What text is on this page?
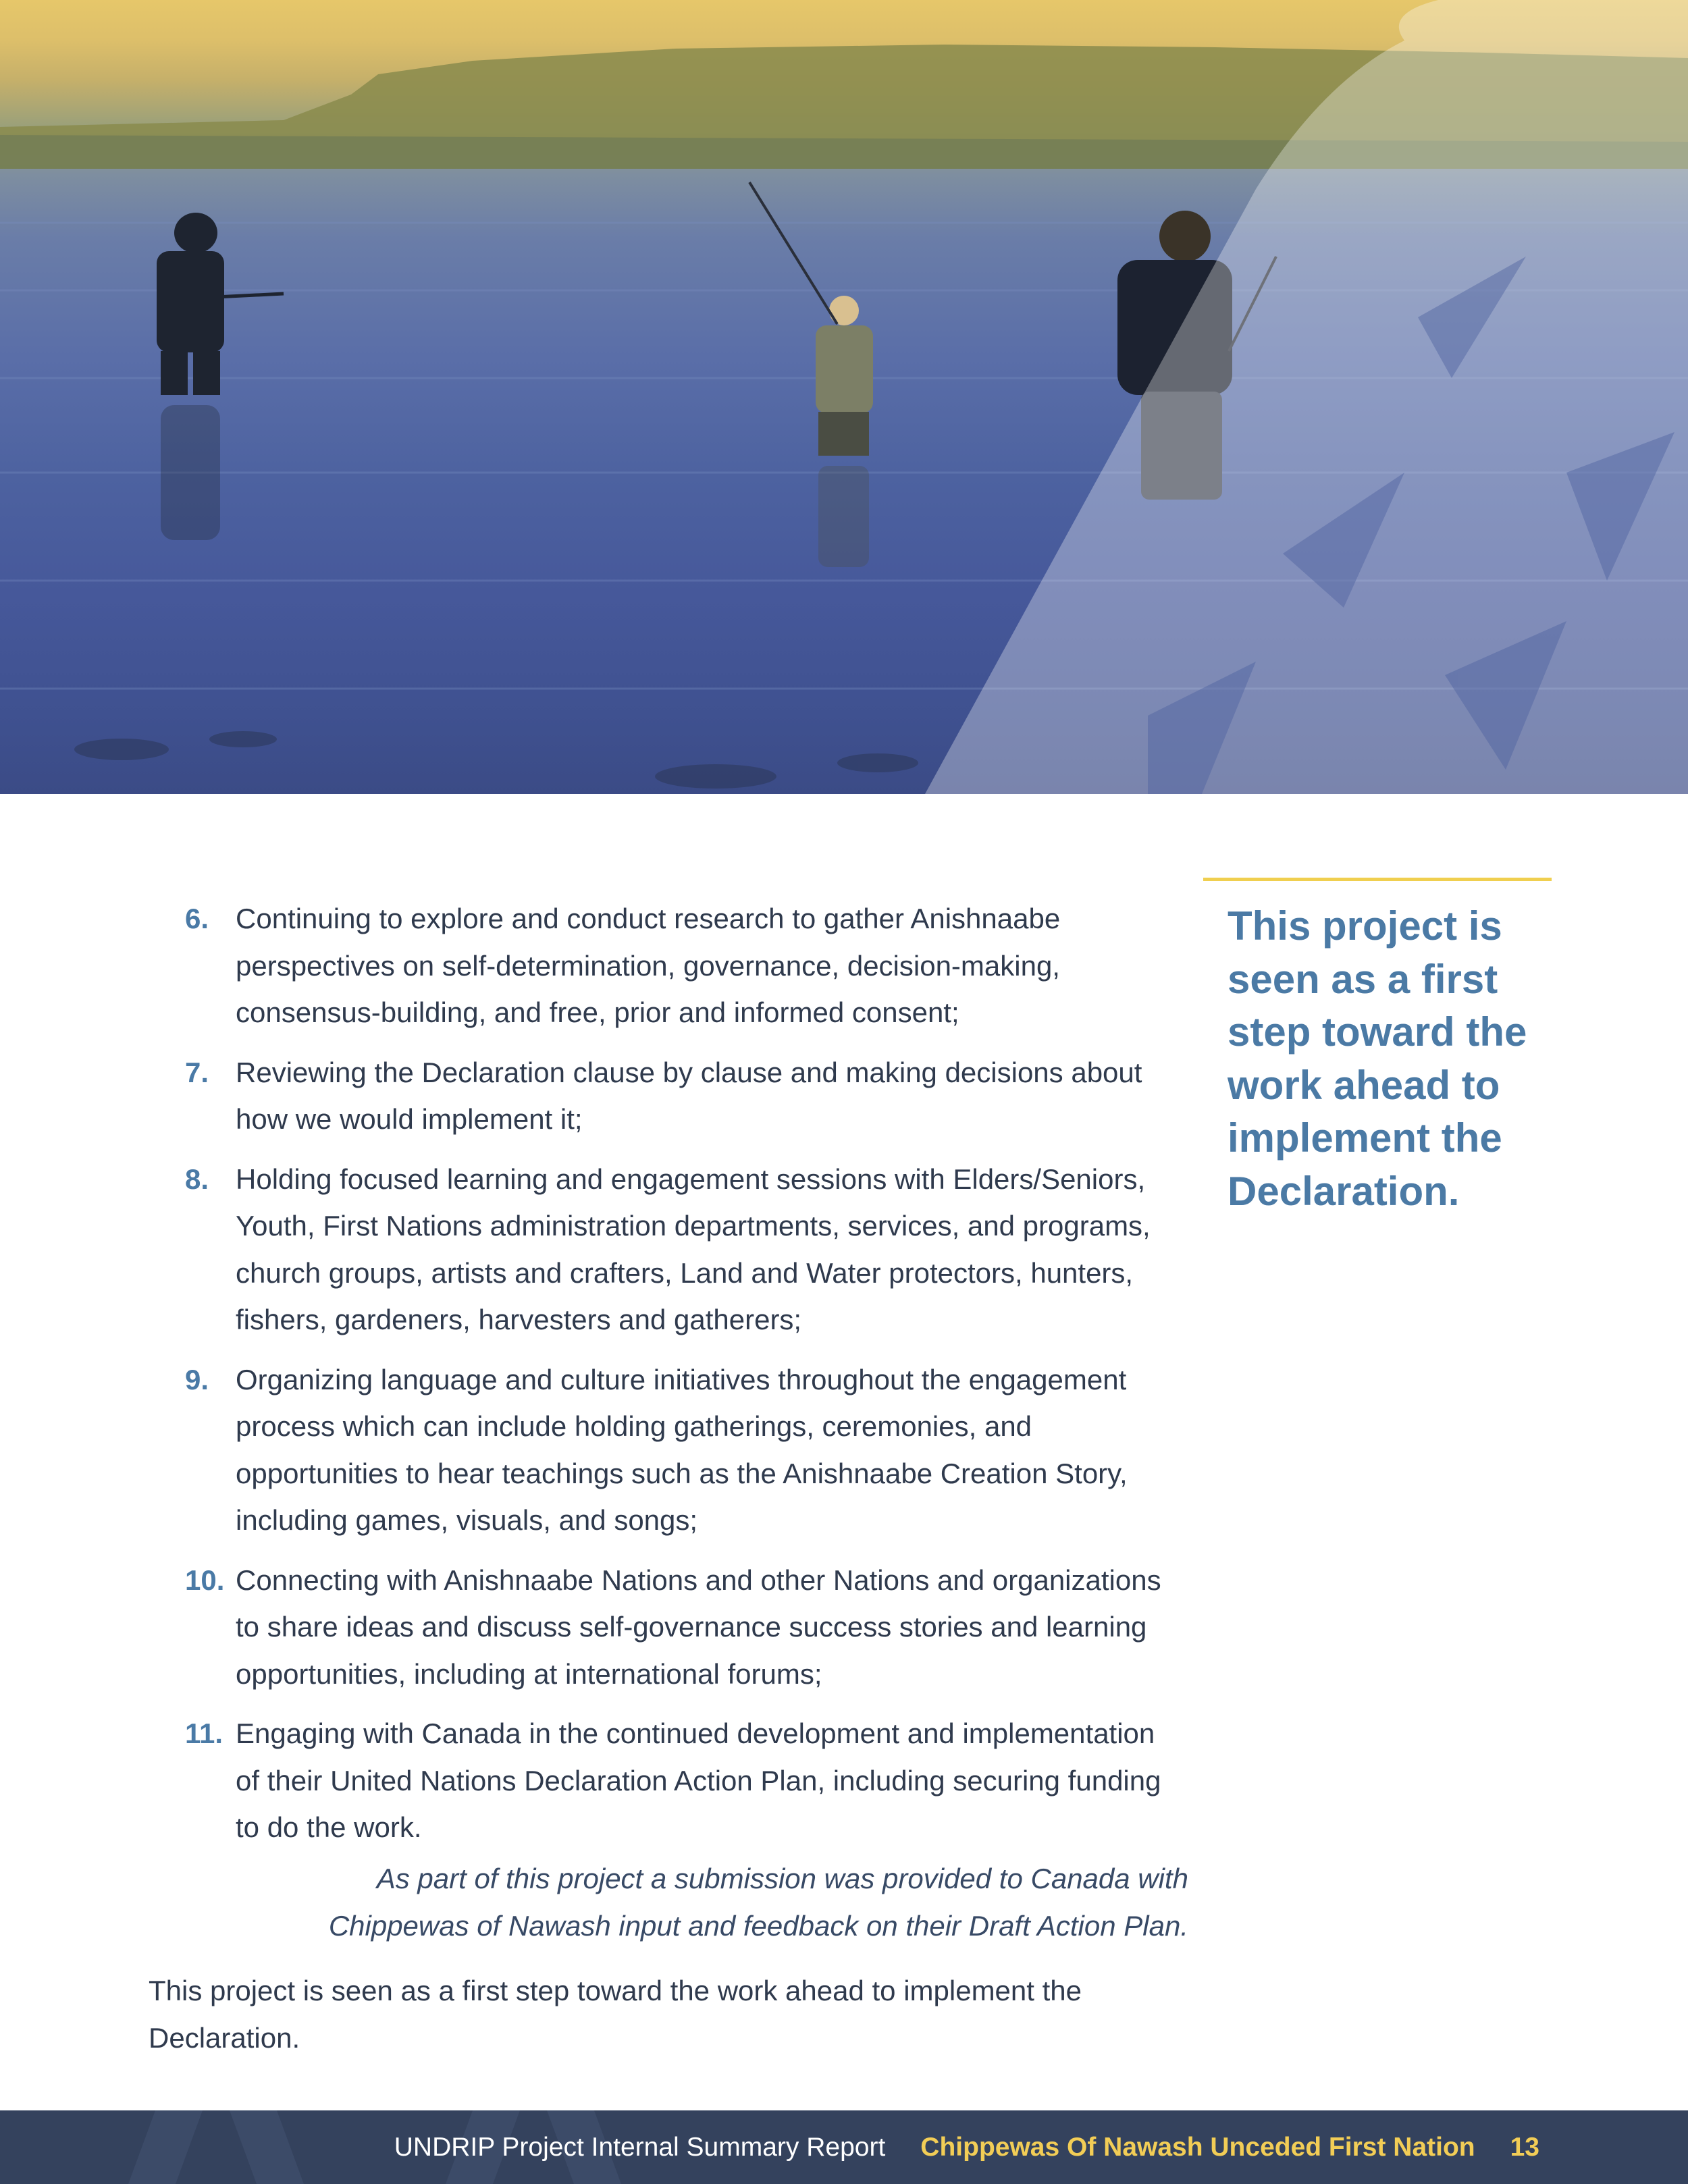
6. Continuing to explore and conduct research to gather Anishnaabe perspectives on self-determination, governance, decision-making, consensus-building, and free, prior and informed consent;
7. Reviewing the Declaration clause by clause and making decisions about how we would implement it;
8. Holding focused learning and engagement sessions with Elders/Seniors, Youth, First Nations administration departments, services, and programs, church groups, artists and crafters, Land and Water protectors, hunters, fishers, gardeners, harvesters and gatherers;
9. Organizing language and culture initiatives throughout the engagement process which can include holding gatherings, ceremonies, and opportunities to hear teachings such as the Anishnaabe Creation Story, including games, visuals, and songs;
10. Connecting with Anishnaabe Nations and other Nations and organizations to share ideas and discuss self-governance success stories and learning opportunities, including at international forums;
11. Engaging with Canada in the continued development and implementation of their United Nations Declaration Action Plan, including securing funding to do the work.
As part of this project a submission was provided to Canada with Chippewas of Nawash input and feedback on their Draft Action Plan.
This project is seen as a first step toward the work ahead to implement the Declaration.
This project is seen as a first step toward the work ahead to implement the Declaration.
UNDRIP Project Internal Summary Report Chippewas Of Nawash Unceded First Nation 13
